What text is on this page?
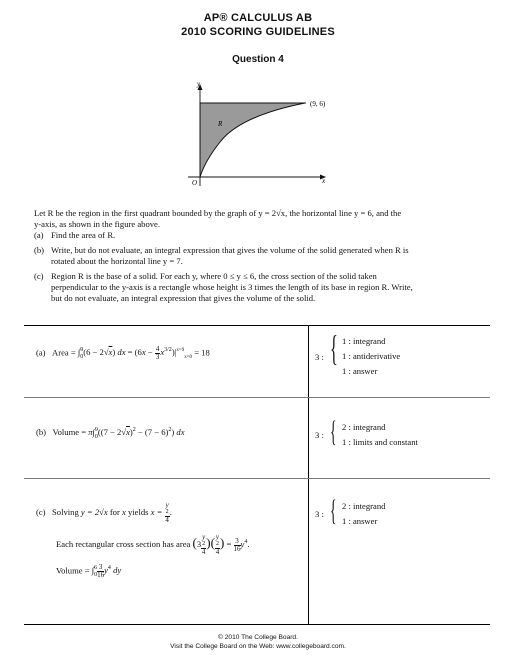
AP® CALCULUS AB
2010 SCORING GUIDELINES
Question 4
y
x
O
R
(9, 6)
Let R be the region in the first quadrant bounded by the graph of y = 2√x, the horizontal line y = 6, and the
y-axis, as shown in the figure above.
(a) Find the area of R.
(b) Write, but do not evaluate, an integral expression that gives the volume of the solid generated when R is
rotated about the horizontal line y = 7.
(c) Region R is the base of a solid. For each y, where 0 ≤ y ≤ 6, the cross section of the solid taken
perpendicular to the y-axis is a rectangle whose height is 3 times the length of its base in region R. Write,
but do not evaluate, an integral expression that gives the volume of the solid.
(a) Area = ∫$^9_0$(6 − 2√x) dx = $(6x - \frac{4}{3} x^{3/2})|^{x=9}_{x=0} = 18$	3 : { 1 : integrand
1 : antiderivative
1 : answer
(b) Volume = $\pi\int^9_0((7 - 2√x)^2 - (7 - 6)^2)$ dx	3 : { 2 : integrand
1 : limits and constant
(c) Solving y = 2√x for x yields x = y
2
4 .
Each rectangular cross section has area (3 y
2
4 )( y
2
4 ) = $\frac{3}{16} y^4$.
Volume = $\int^6_0 \frac{3}{16} y^4$ dy
3 : { 2 : integrand
1 : answer
© 2010 The College Board.
Visit the College Board on the Web: www.collegeboard.com.
